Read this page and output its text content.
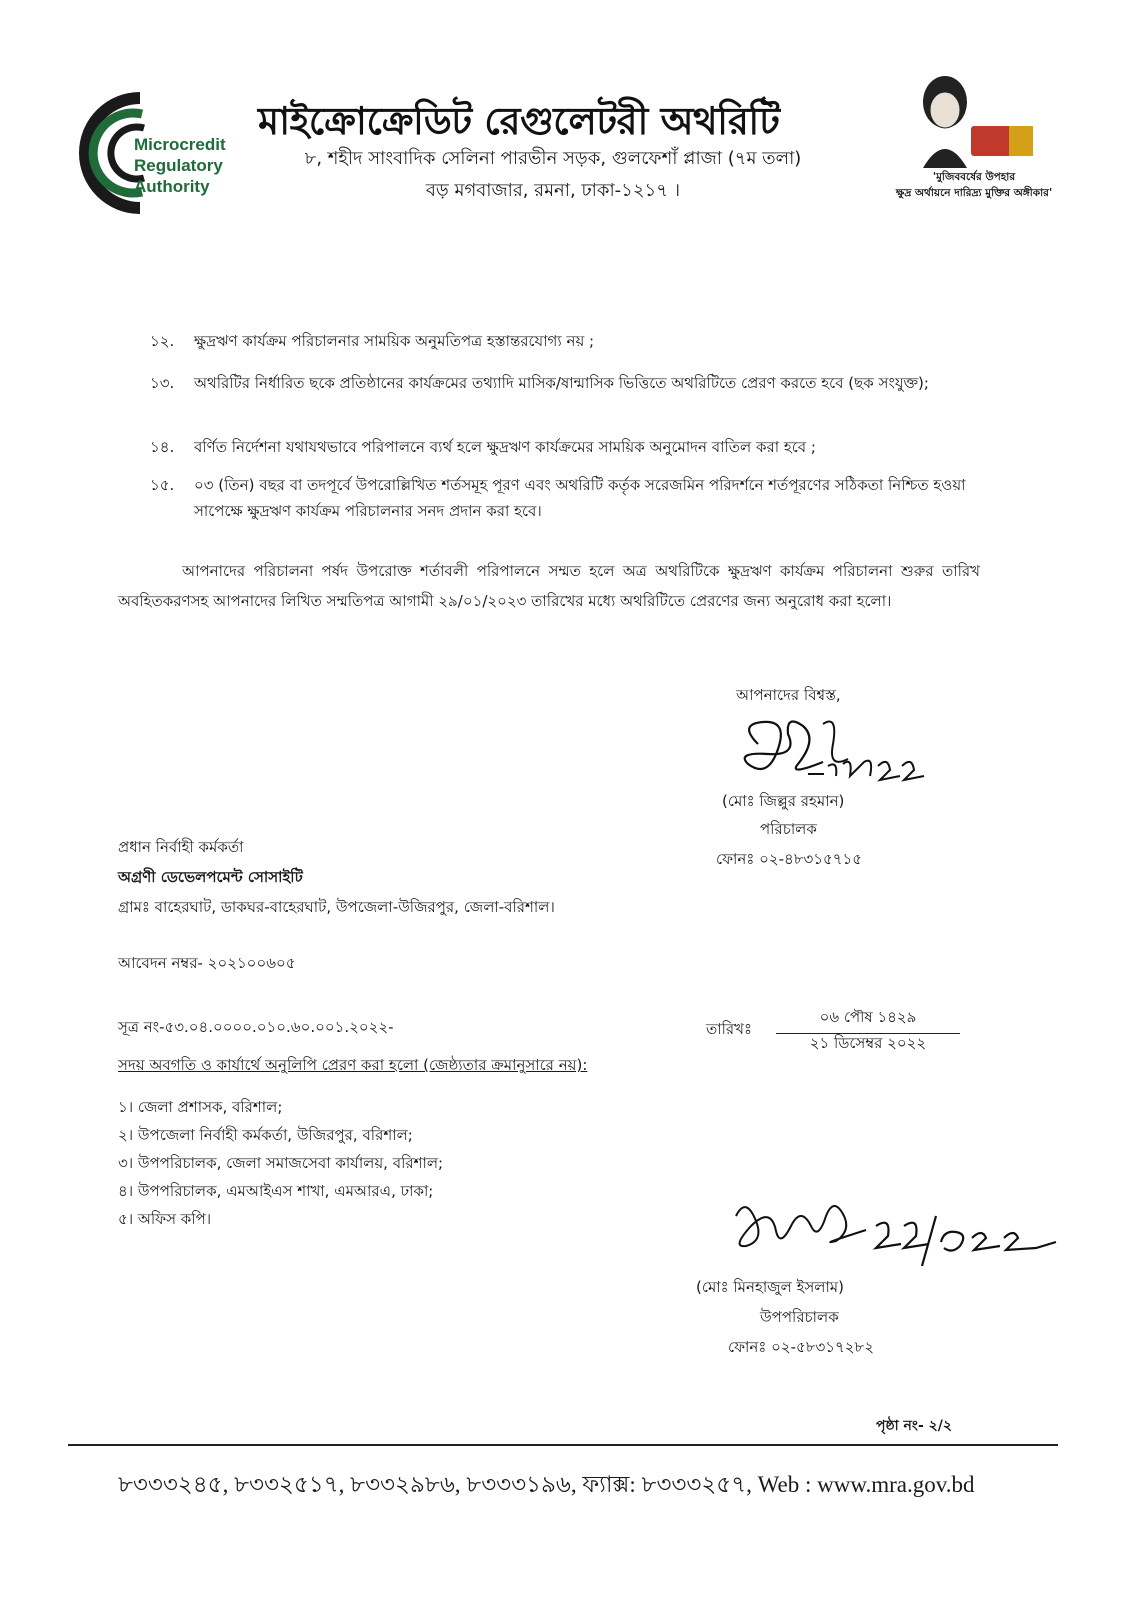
Microcredit
Regulatory
Authority
মাইক্রোক্রেডিট রেগুলেটরী অথরিটি
৮, শহীদ সাংবাদিক সেলিনা পারভীন সড়ক, গুলফেশাঁ প্লাজা (৭ম তলা)
বড় মগবাজার, রমনা, ঢাকা-১২১৭ ।
'মুজিববর্ষের উপহার
ক্ষুদ্র অর্থায়নে দারিদ্র্য মুক্তির অঙ্গীকার'
১২.	ক্ষুদ্রঋণ কার্যক্রম পরিচালনার সাময়িক অনুমতিপত্র হস্তান্তরযোগ্য নয় ;
১৩.	অথরিটির নির্ধারিত ছকে প্রতিষ্ঠানের কার্যক্রমের তথ্যাদি মাসিক/ষান্মাসিক ভিত্তিতে অথরিটিতে প্রেরণ করতে হবে (ছক সংযুক্ত);
১৪.	বর্ণিত নির্দেশনা যথাযথভাবে পরিপালনে ব্যর্থ হলে ক্ষুদ্রঋণ কার্যক্রমের সাময়িক অনুমোদন বাতিল করা হবে ;
১৫.	০৩ (তিন) বছর বা তদপূর্বে উপরোল্লিখিত শর্তসমূহ পূরণ এবং অথরিটি কর্তৃক সরেজমিন পরিদর্শনে শর্তপূরণের সঠিকতা নিশ্চিত হওয়া সাপেক্ষে ক্ষুদ্রঋণ কার্যক্রম পরিচালনার সনদ প্রদান করা হবে।
আপনাদের পরিচালনা পর্ষদ উপরোক্ত শর্তাবলী পরিপালনে সম্মত হলে অত্র অথরিটিকে ক্ষুদ্রঋণ কার্যক্রম পরিচালনা শুরুর তারিখ অবহিতকরণসহ আপনাদের লিখিত সম্মতিপত্র আগামী ২৯/০১/২০২৩ তারিখের মধ্যে অথরিটিতে প্রেরণের জন্য অনুরোধ করা হলো।
আপনাদের বিশ্বস্ত,
(মোঃ জিল্লুর রহমান)
পরিচালক
ফোনঃ ০২-৪৮৩১৫৭১৫
প্রধান নির্বাহী কর্মকর্তা
অগ্রণী ডেভেলপমেন্ট সোসাইটি
গ্রামঃ বাহেরঘাট, ডাকঘর-বাহেরঘাট, উপজেলা-উজিরপুর, জেলা-বরিশাল।
আবেদন নম্বর- ২০২১০০৬০৫
সূত্র নং-৫৩.০৪.০০০০.০১০.৬০.০০১.২০২২-	তারিখঃ
০৬ পৌষ ১৪২৯
২১ ডিসেম্বর ২০২২
সদয় অবগতি ও কার্যার্থে অনুলিপি প্রেরণ করা হলো (জেষ্ঠ্যতার ক্রমানুসারে নয়):
১। জেলা প্রশাসক, বরিশাল;
২। উপজেলা নির্বাহী কর্মকর্তা, উজিরপুর, বরিশাল;
৩। উপপরিচালক, জেলা সমাজসেবা কার্যালয়, বরিশাল;
৪। উপপরিচালক, এমআইএস শাখা, এমআরএ, ঢাকা;
৫। অফিস কপি।
(মোঃ মিনহাজুল ইসলাম)
উপপরিচালক
ফোনঃ ০২-৫৮৩১৭২৮২
পৃষ্ঠা নং- ২/২
৮৩৩৩২৪৫, ৮৩৩২৫১৭, ৮৩৩২৯৮৬, ৮৩৩৩১৯৬, ফ্যাক্স: ৮৩৩৩২৫৭, Web : www.mra.gov.bd
